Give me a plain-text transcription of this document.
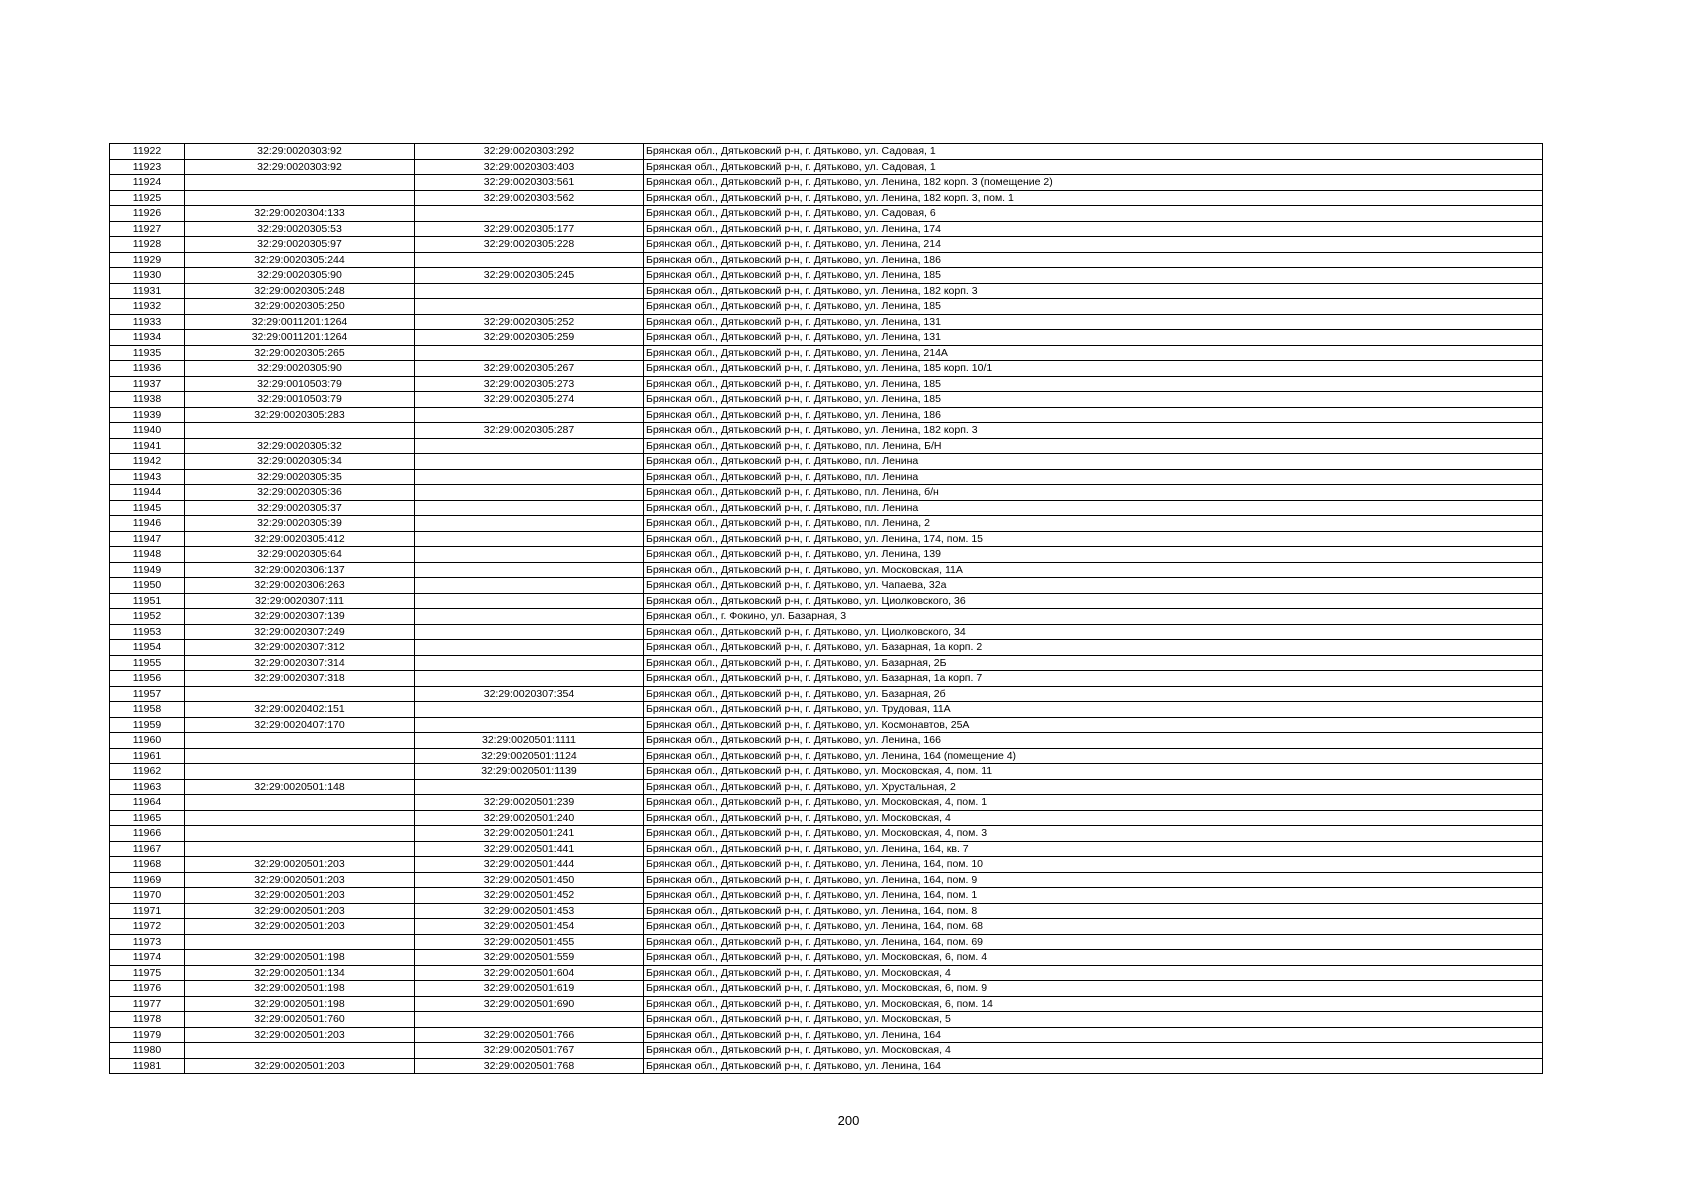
11922	32:29:0020303:92	32:29:0020303:292	Брянская обл., Дятьковский р-н, г. Дятьково, ул. Садовая, 1
11923	32:29:0020303:92	32:29:0020303:403	Брянская обл., Дятьковский р-н, г. Дятьково, ул. Садовая, 1
11924		32:29:0020303:561	Брянская обл., Дятьковский р-н, г. Дятьково, ул. Ленина, 182 корп. 3 (помещение 2)
11925		32:29:0020303:562	Брянская обл., Дятьковский р-н, г. Дятьково, ул. Ленина, 182 корп. 3, пом. 1
11926	32:29:0020304:133		Брянская обл., Дятьковский р-н, г. Дятьково, ул. Садовая, 6
11927	32:29:0020305:53	32:29:0020305:177	Брянская обл., Дятьковский р-н, г. Дятьково, ул. Ленина, 174
11928	32:29:0020305:97	32:29:0020305:228	Брянская обл., Дятьковский р-н, г. Дятьково, ул. Ленина, 214
11929	32:29:0020305:244		Брянская обл., Дятьковский р-н, г. Дятьково, ул. Ленина, 186
11930	32:29:0020305:90	32:29:0020305:245	Брянская обл., Дятьковский р-н, г. Дятьково, ул. Ленина, 185
11931	32:29:0020305:248		Брянская обл., Дятьковский р-н, г. Дятьково, ул. Ленина, 182 корп. 3
11932	32:29:0020305:250		Брянская обл., Дятьковский р-н, г. Дятьково, ул. Ленина, 185
11933	32:29:0011201:1264	32:29:0020305:252	Брянская обл., Дятьковский р-н, г. Дятьково, ул. Ленина, 131
11934	32:29:0011201:1264	32:29:0020305:259	Брянская обл., Дятьковский р-н, г. Дятьково, ул. Ленина, 131
11935	32:29:0020305:265		Брянская обл., Дятьковский р-н, г. Дятьково, ул. Ленина, 214А
11936	32:29:0020305:90	32:29:0020305:267	Брянская обл., Дятьковский р-н, г. Дятьково, ул. Ленина, 185 корп. 10/1
11937	32:29:0010503:79	32:29:0020305:273	Брянская обл., Дятьковский р-н, г. Дятьково, ул. Ленина, 185
11938	32:29:0010503:79	32:29:0020305:274	Брянская обл., Дятьковский р-н, г. Дятьково, ул. Ленина, 185
11939	32:29:0020305:283		Брянская обл., Дятьковский р-н, г. Дятьково, ул. Ленина, 186
11940		32:29:0020305:287	Брянская обл., Дятьковский р-н, г. Дятьково, ул. Ленина, 182 корп. 3
11941	32:29:0020305:32		Брянская обл., Дятьковский р-н, г. Дятьково, пл. Ленина, Б/Н
11942	32:29:0020305:34		Брянская обл., Дятьковский р-н, г. Дятьково, пл. Ленина
11943	32:29:0020305:35		Брянская обл., Дятьковский р-н, г. Дятьково, пл. Ленина
11944	32:29:0020305:36		Брянская обл., Дятьковский р-н, г. Дятьково, пл. Ленина, б/н
11945	32:29:0020305:37		Брянская обл., Дятьковский р-н, г. Дятьково, пл. Ленина
11946	32:29:0020305:39		Брянская обл., Дятьковский р-н, г. Дятьково, пл. Ленина, 2
11947	32:29:0020305:412		Брянская обл., Дятьковский р-н, г. Дятьково, ул. Ленина, 174, пом. 15
11948	32:29:0020305:64		Брянская обл., Дятьковский р-н, г. Дятьково, ул. Ленина, 139
11949	32:29:0020306:137		Брянская обл., Дятьковский р-н, г. Дятьково, ул. Московская, 11А
11950	32:29:0020306:263		Брянская обл., Дятьковский р-н, г. Дятьково, ул. Чапаева, 32а
11951	32:29:0020307:111		Брянская обл., Дятьковский р-н, г. Дятьково, ул. Циолковского, 36
11952	32:29:0020307:139		Брянская обл., г. Фокино, ул. Базарная, 3
11953	32:29:0020307:249		Брянская обл., Дятьковский р-н, г. Дятьково, ул. Циолковского, 34
11954	32:29:0020307:312		Брянская обл., Дятьковский р-н, г. Дятьково, ул. Базарная, 1а корп. 2
11955	32:29:0020307:314		Брянская обл., Дятьковский р-н, г. Дятьково, ул. Базарная, 2Б
11956	32:29:0020307:318		Брянская обл., Дятьковский р-н, г. Дятьково, ул. Базарная, 1а корп. 7
11957		32:29:0020307:354	Брянская обл., Дятьковский р-н, г. Дятьково, ул. Базарная, 2б
11958	32:29:0020402:151		Брянская обл., Дятьковский р-н, г. Дятьково, ул. Трудовая, 11А
11959	32:29:0020407:170		Брянская обл., Дятьковский р-н, г. Дятьково, ул. Космонавтов, 25А
11960		32:29:0020501:1111	Брянская обл., Дятьковский р-н, г. Дятьково, ул. Ленина, 166
11961		32:29:0020501:1124	Брянская обл., Дятьковский р-н, г. Дятьково, ул. Ленина, 164 (помещение 4)
11962		32:29:0020501:1139	Брянская обл., Дятьковский р-н, г. Дятьково, ул. Московская, 4, пом. 11
11963	32:29:0020501:148		Брянская обл., Дятьковский р-н, г. Дятьково, ул. Хрустальная, 2
11964		32:29:0020501:239	Брянская обл., Дятьковский р-н, г. Дятьково, ул. Московская, 4, пом. 1
11965		32:29:0020501:240	Брянская обл., Дятьковский р-н, г. Дятьково, ул. Московская, 4
11966		32:29:0020501:241	Брянская обл., Дятьковский р-н, г. Дятьково, ул. Московская, 4, пом. 3
11967		32:29:0020501:441	Брянская обл., Дятьковский р-н, г. Дятьково, ул. Ленина, 164, кв. 7
11968	32:29:0020501:203	32:29:0020501:444	Брянская обл., Дятьковский р-н, г. Дятьково, ул. Ленина, 164, пом. 10
11969	32:29:0020501:203	32:29:0020501:450	Брянская обл., Дятьковский р-н, г. Дятьково, ул. Ленина, 164, пом. 9
11970	32:29:0020501:203	32:29:0020501:452	Брянская обл., Дятьковский р-н, г. Дятьково, ул. Ленина, 164, пом. 1
11971	32:29:0020501:203	32:29:0020501:453	Брянская обл., Дятьковский р-н, г. Дятьково, ул. Ленина, 164, пом. 8
11972	32:29:0020501:203	32:29:0020501:454	Брянская обл., Дятьковский р-н, г. Дятьково, ул. Ленина, 164, пом. 68
11973		32:29:0020501:455	Брянская обл., Дятьковский р-н, г. Дятьково, ул. Ленина, 164, пом. 69
11974	32:29:0020501:198	32:29:0020501:559	Брянская обл., Дятьковский р-н, г. Дятьково, ул. Московская, 6, пом. 4
11975	32:29:0020501:134	32:29:0020501:604	Брянская обл., Дятьковский р-н, г. Дятьково, ул. Московская, 4
11976	32:29:0020501:198	32:29:0020501:619	Брянская обл., Дятьковский р-н, г. Дятьково, ул. Московская, 6, пом. 9
11977	32:29:0020501:198	32:29:0020501:690	Брянская обл., Дятьковский р-н, г. Дятьково, ул. Московская, 6, пом. 14
11978	32:29:0020501:760		Брянская обл., Дятьковский р-н, г. Дятьково, ул. Московская, 5
11979	32:29:0020501:203	32:29:0020501:766	Брянская обл., Дятьковский р-н, г. Дятьково, ул. Ленина, 164
11980		32:29:0020501:767	Брянская обл., Дятьковский р-н, г. Дятьково, ул. Московская, 4
11981	32:29:0020501:203	32:29:0020501:768	Брянская обл., Дятьковский р-н, г. Дятьково, ул. Ленина, 164
200
